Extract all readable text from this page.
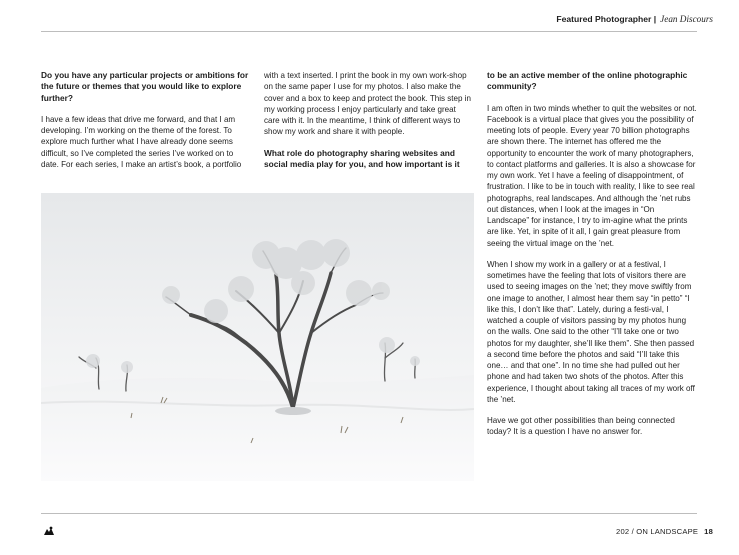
Featured Photographer | Jean Discours
Do you have any particular projects or ambitions for the future or themes that you would like to explore further?

I have a few ideas that drive me forward, and that I am developing. I’m working on the theme of the forest. To explore much further what I have already done seems difficult, so I’ve completed the series I’ve worked on to date. For each series, I make an artist’s book, a portfolio

with a text inserted. I print the book in my own work-shop on the same paper I use for my photos. I also make the cover and a box to keep and protect the book. This step in my working process I enjoy particularly and take great care with it. In the meantime, I think of different ways to show my work and share it with people.

What role do photography sharing websites and social media play for you, and how important is it
to be an active member of the online photographic community?

I am often in two minds whether to quit the websites or not. Facebook is a virtual place that gives you the possibility of meeting lots of people. Every year 70 billion photographs are shown there. The internet has offered me the opportunity to encounter the work of many photographers, to contact platforms and galleries. It is also a showcase for my own work. Yet I have a feeling of disappointment, of frustration. I like to be in touch with reality, I like to see real photographs, real landscapes. And although the ’net rubs out distances, when I look at the images in “On Landscape” for instance, I try to im-agine what the prints are like. Yet, in spite of it all, I gain great pleasure from seeing the virtual image on the ’net.

When I show my work in a gallery or at a festival, I sometimes have the feeling that lots of visitors there are used to seeing images on the ’net; they move swiftly from one image to another, I almost hear them say “in petto” “I like this, I don’t like that”. Lately, during a festi-val, I watched a couple of visitors passing by my photos hung on the walls. One said to the other “I’ll take one or two photos for my daughter, she’ll like them”. She then passed a second time before the photos and said “I’ll take this one… and that one”. In no time she had pulled out her phone and had taken two shots of the photos. After this experience, I thought about taking all traces of my work off the ’net.

Have we got other possibilities than being connected today? It is a question I have no answer for.

202 / ON LANDSCAPE 18
